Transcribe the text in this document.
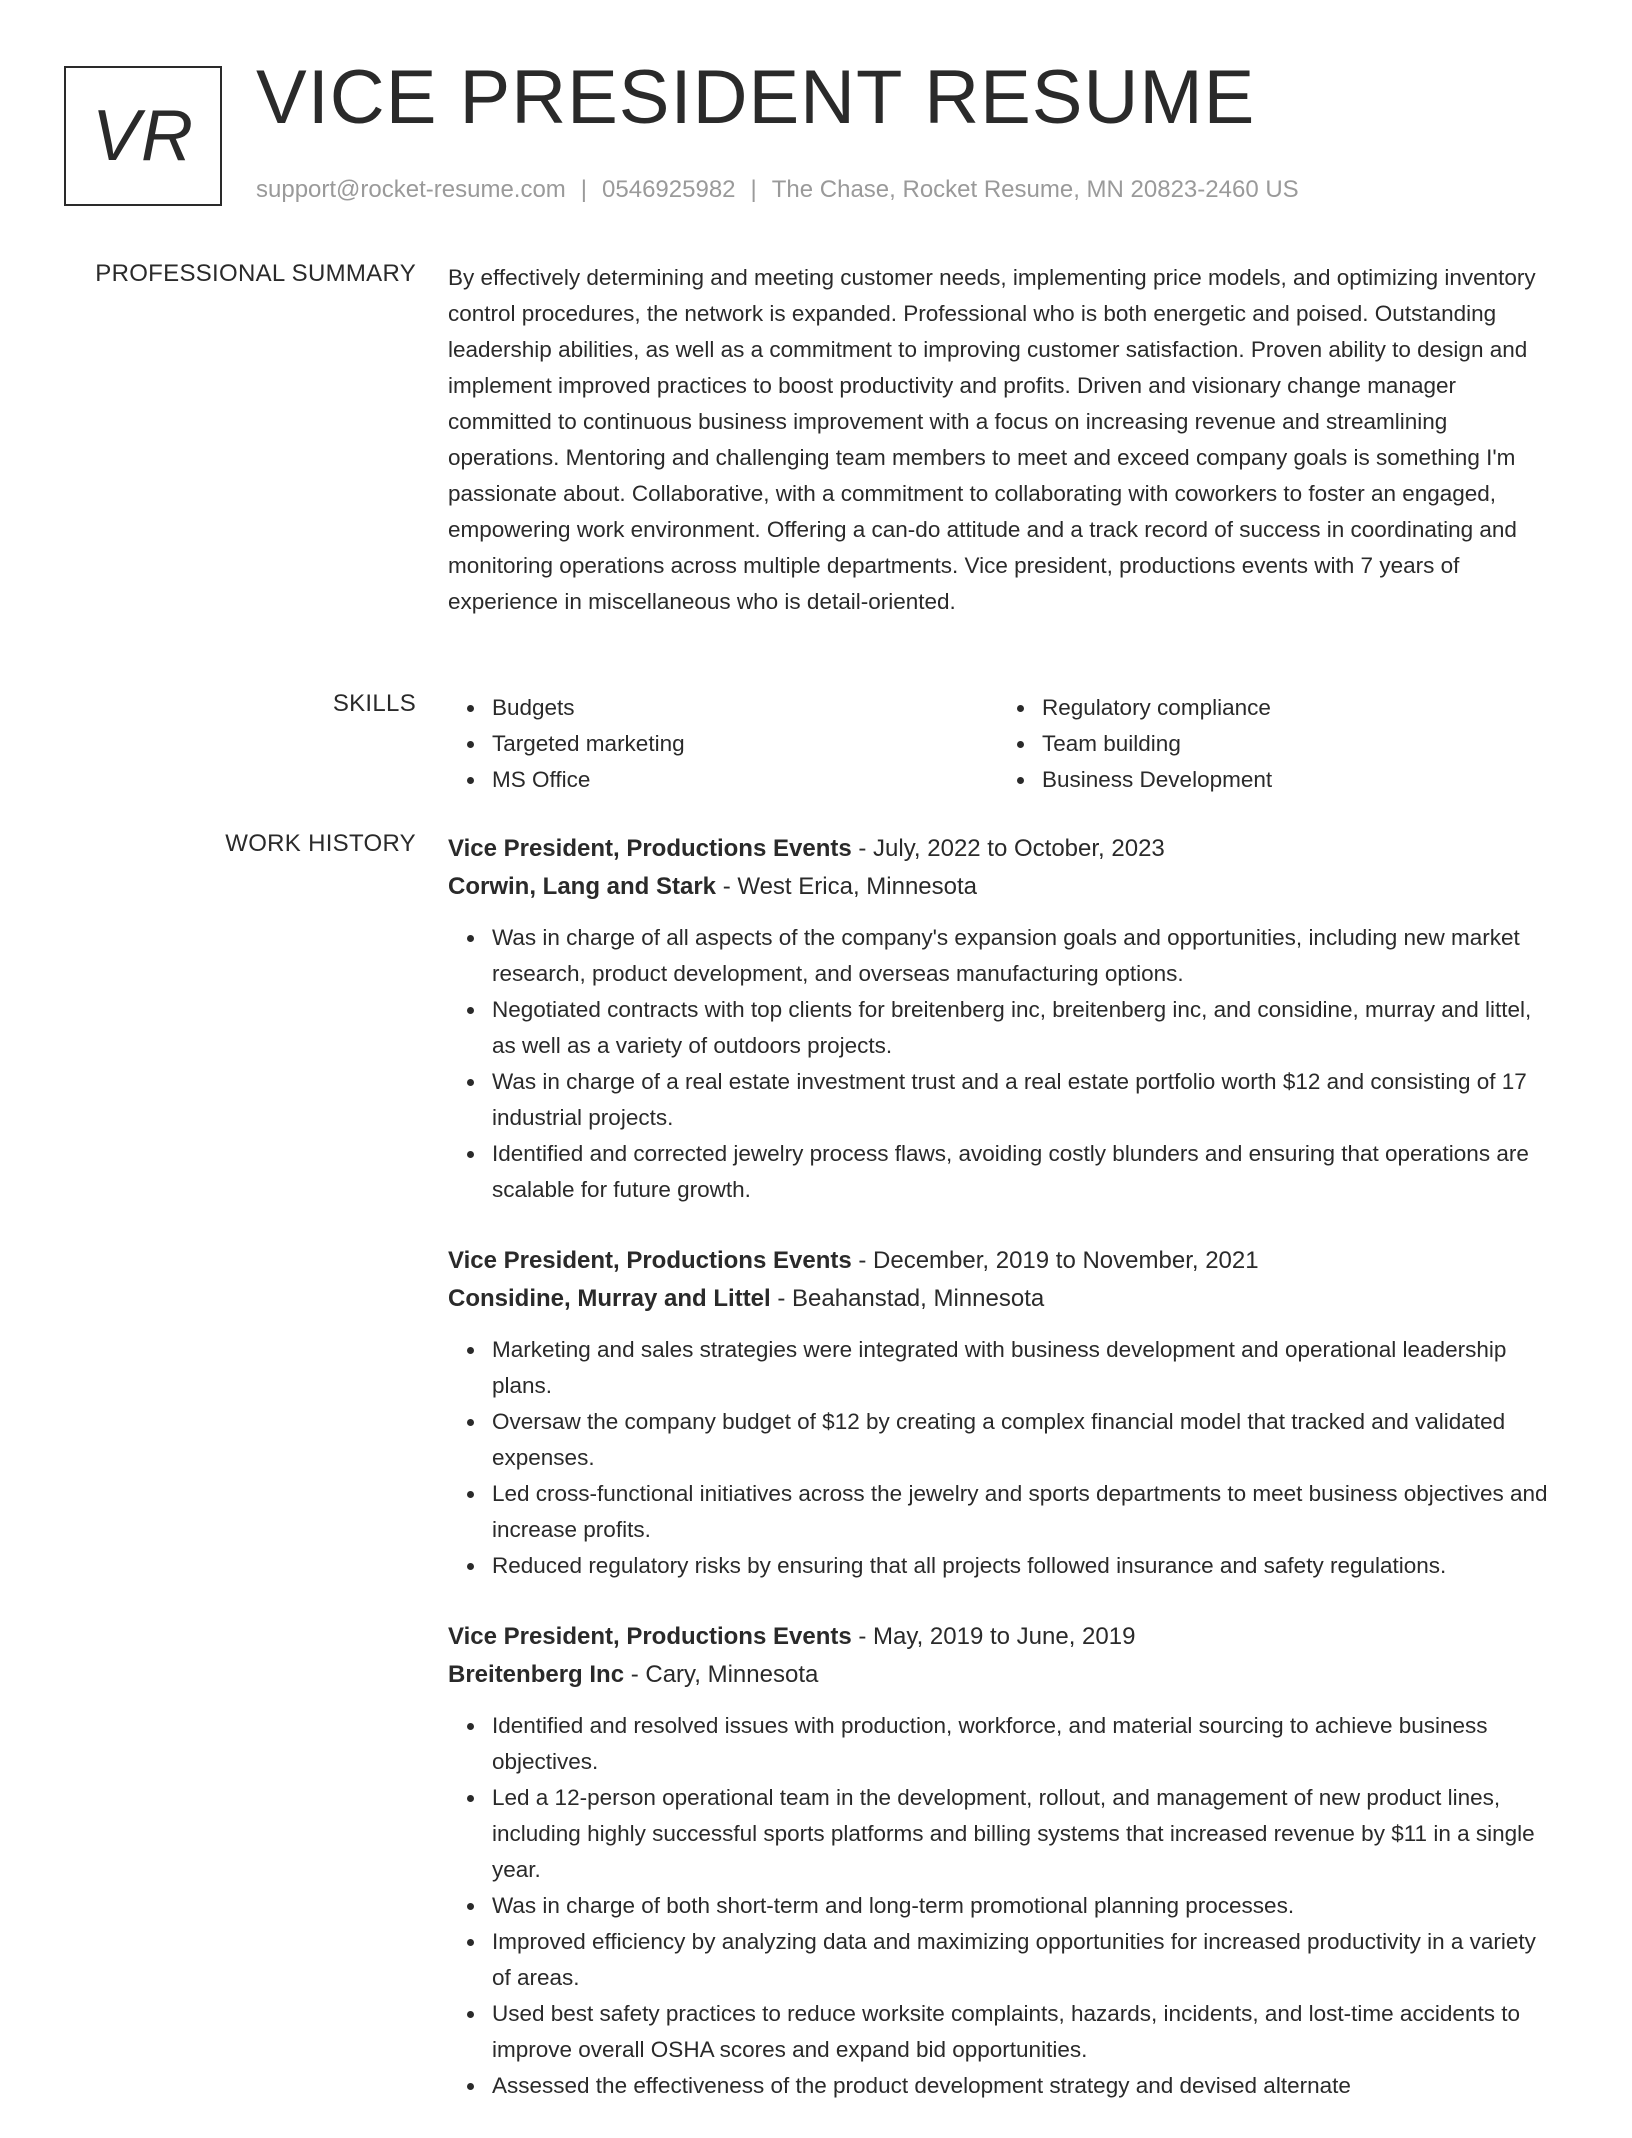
VR VICE PRESIDENT RESUME
support@rocket-resume.com | 0546925982 | The Chase, Rocket Resume, MN 20823-2460 US
PROFESSIONAL SUMMARY By effectively determining and meeting customer needs, implementing price models, and optimizing inventory control procedures, the network is expanded. Professional who is both energetic and poised. Outstanding leadership abilities, as well as a commitment to improving customer satisfaction. Proven ability to design and implement improved practices to boost productivity and profits. Driven and visionary change manager committed to continuous business improvement with a focus on increasing revenue and streamlining operations. Mentoring and challenging team members to meet and exceed company goals is something I'm passionate about. Collaborative, with a commitment to collaborating with coworkers to foster an engaged, empowering work environment. Offering a can-do attitude and a track record of success in coordinating and monitoring operations across multiple departments. Vice president, productions events with 7 years of experience in miscellaneous who is detail-oriented.

SKILLS	Budgets
Targeted marketing
MS Office
Regulatory compliance
Team building
Business Development
WORK HISTORY Vice President, Productions Events - July, 2022 to October, 2023
Corwin, Lang and Stark - West Erica, Minnesota
Was in charge of all aspects of the company's expansion goals and opportunities, including new market research, product development, and overseas manufacturing options.
Negotiated contracts with top clients for breitenberg inc, breitenberg inc, and considine, murray and littel, as well as a variety of outdoors projects.
Was in charge of a real estate investment trust and a real estate portfolio worth $12 and consisting of 17 industrial projects.
Identified and corrected jewelry process flaws, avoiding costly blunders and ensuring that operations are scalable for future growth.
Vice President, Productions Events - December, 2019 to November, 2021
Considine, Murray and Littel - Beahanstad, Minnesota
Marketing and sales strategies were integrated with business development and operational leadership plans.
Oversaw the company budget of $12 by creating a complex financial model that tracked and validated expenses.
Led cross-functional initiatives across the jewelry and sports departments to meet business objectives and increase profits.
Reduced regulatory risks by ensuring that all projects followed insurance and safety regulations.
Vice President, Productions Events - May, 2019 to June, 2019
Breitenberg Inc - Cary, Minnesota
Identified and resolved issues with production, workforce, and material sourcing to achieve business objectives.
Led a 12-person operational team in the development, rollout, and management of new product lines, including highly successful sports platforms and billing systems that increased revenue by $11 in a single year.
Was in charge of both short-term and long-term promotional planning processes.
Improved efficiency by analyzing data and maximizing opportunities for increased productivity in a variety of areas.
Used best safety practices to reduce worksite complaints, hazards, incidents, and lost-time accidents to improve overall OSHA scores and expand bid opportunities.
Assessed the effectiveness of the product development strategy and devised alternate
